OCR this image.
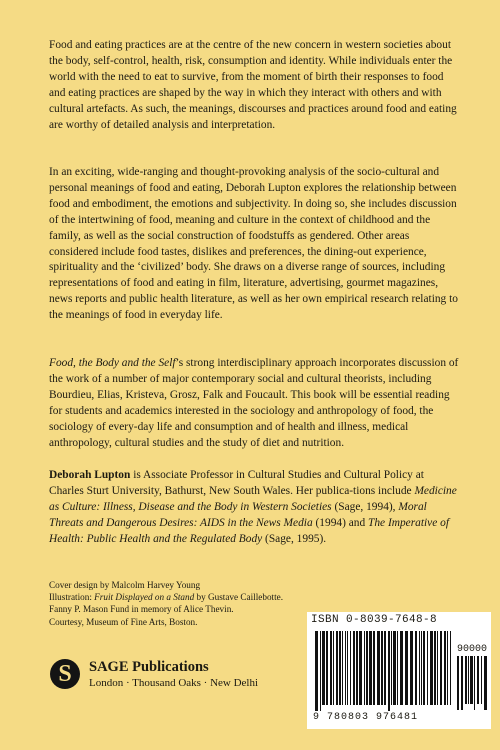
Food and eating practices are at the centre of the new concern in western societies about the body, self-control, health, risk, consumption and identity. While individuals enter the world with the need to eat to survive, from the moment of birth their responses to food and eating practices are shaped by the way in which they interact with others and with cultural artefacts. As such, the meanings, discourses and practices around food and eating are worthy of detailed analysis and interpretation.

In an exciting, wide-ranging and thought-provoking analysis of the socio-cultural and personal meanings of food and eating, Deborah Lupton explores the relationship between food and embodiment, the emotions and subjectivity. In doing so, she includes discussion of the intertwining of food, meaning and culture in the context of childhood and the family, as well as the social construction of foodstuffs as gendered. Other areas considered include food tastes, dislikes and preferences, the dining-out experience, spirituality and the ‘civilized’ body. She draws on a diverse range of sources, including representations of food and eating in film, literature, advertising, gourmet magazines, news reports and public health literature, as well as her own empirical research relating to the meanings of food in everyday life.

Food, the Body and the Self’s strong interdisciplinary approach incorporates discussion of the work of a number of major contemporary social and cultural theorists, including Bourdieu, Elias, Kristeva, Grosz, Falk and Foucault. This book will be essential reading for students and academics interested in the sociology and anthropology of food, the sociology of every-day life and consumption and of health and illness, medical anthropology, cultural studies and the study of diet and nutrition.

Deborah Lupton is Associate Professor in Cultural Studies and Cultural Policy at Charles Sturt University, Bathurst, New South Wales. Her publica-tions include Medicine as Culture: Illness, Disease and the Body in Western Societies (Sage, 1994), Moral Threats and Dangerous Desires: AIDS in the News Media (1994) and The Imperative of Health: Public Health and the Regulated Body (Sage, 1995).

Cover design by Malcolm Harvey Young
Illustration: Fruit Displayed on a Stand by Gustave Caillebotte.
Fanny P. Mason Fund in memory of Alice Thevin.
Courtesy, Museum of Fine Arts, Boston.
S	SAGE Publications
London · Thousand Oaks · New Delhi
ISBN 0-8039-7648-8
90000
9 780803 976481
